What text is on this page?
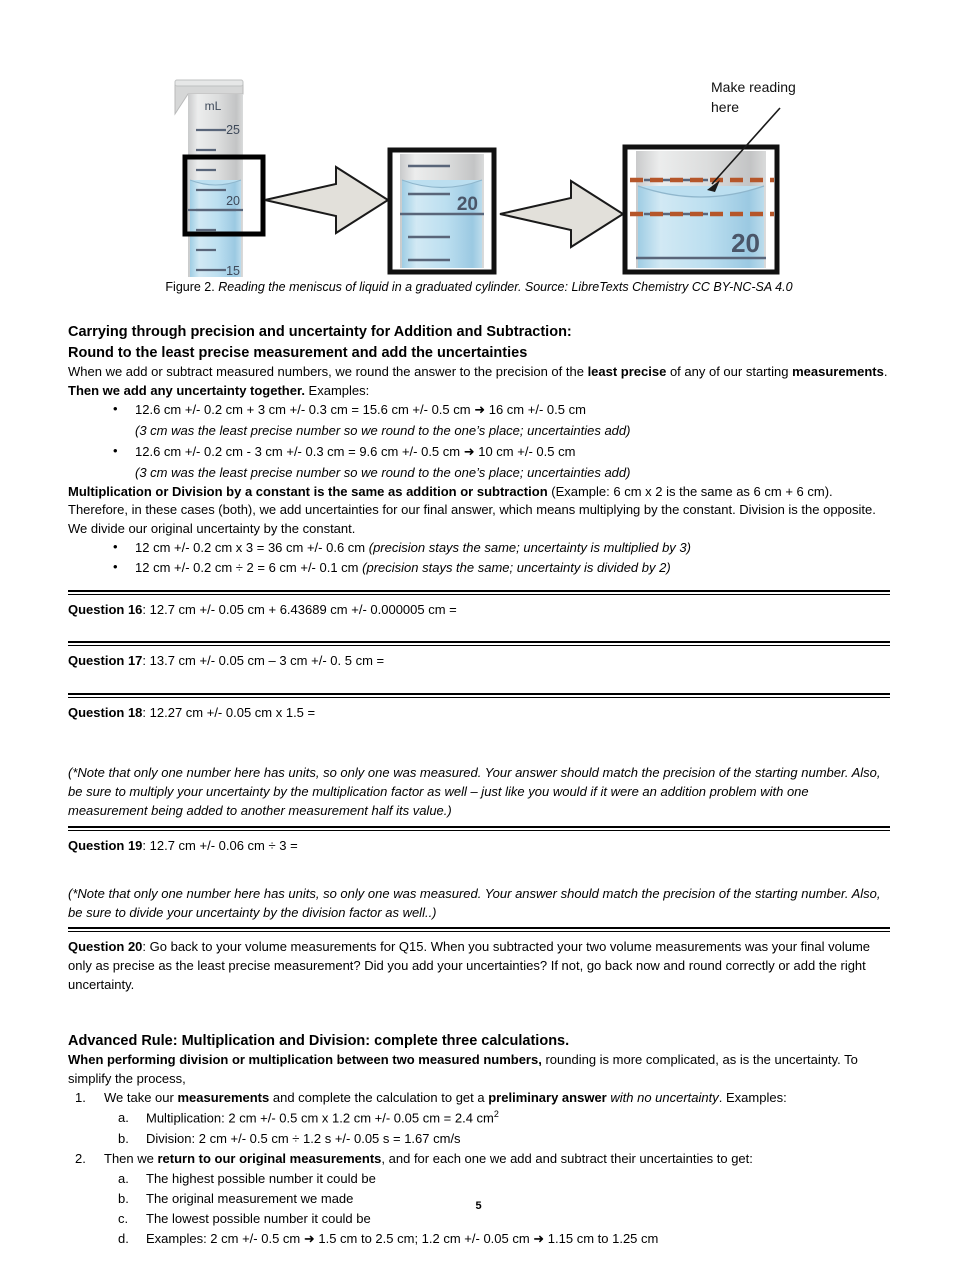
mL
25
20
15
20
20
Make reading
here
Figure 2. Reading the meniscus of liquid in a graduated cylinder. Source: LibreTexts Chemistry CC BY-NC-SA 4.0
Carrying through precision and uncertainty for Addition and Subtraction:
Round to the least precise measurement and add the uncertainties

When we add or subtract measured numbers, we round the answer to the precision of the least precise of any of our starting measurements. Then we add any uncertainty together. Examples:

• 12.6 cm +/- 0.2 cm + 3 cm +/- 0.3 cm = 15.6 cm +/- 0.5 cm ➜ 16 cm +/- 0.5 cm
(3 cm was the least precise number so we round to the one’s place; uncertainties add)
• 12.6 cm +/- 0.2 cm - 3 cm +/- 0.3 cm = 9.6 cm +/- 0.5 cm ➜ 10 cm +/- 0.5 cm
(3 cm was the least precise number so we round to the one’s place; uncertainties add)

Multiplication or Division by a constant is the same as addition or subtraction (Example: 6 cm x 2 is the same as 6 cm + 6 cm). Therefore, in these cases (both), we add uncertainties for our final answer, which means multiplying by the constant. Division is the opposite. We divide our original uncertainty by the constant.

• 12 cm +/- 0.2 cm x 3 = 36 cm +/- 0.6 cm (precision stays the same; uncertainty is multiplied by 3)
• 12 cm +/- 0.2 cm ÷ 2 = 6 cm +/- 0.1 cm (precision stays the same; uncertainty is divided by 2)
Question 16: 12.7 cm +/- 0.05 cm + 6.43689 cm +/- 0.000005 cm =
Question 17: 13.7 cm +/- 0.05 cm – 3 cm +/- 0. 5 cm =
Question 18: 12.27 cm +/- 0.05 cm x 1.5 =

(*Note that only one number here has units, so only one was measured. Your answer should match the precision of the starting number. Also, be sure to multiply your uncertainty by the multiplication factor as well – just like you would if it were an addition problem with one measurement being added to another measurement half its value.)

Question 19: 12.7 cm +/- 0.06 cm ÷ 3 =

(*Note that only one number here has units, so only one was measured. Your answer should match the precision of the starting number. Also, be sure to divide your uncertainty by the division factor as well..)

Question 20: Go back to your volume measurements for Q15. When you subtracted your two volume measurements was your final volume only as precise as the least precise measurement? Did you add your uncertainties? If not, go back now and round correctly or add the right uncertainty.
Advanced Rule: Multiplication and Division: complete three calculations.

When performing division or multiplication between two measured numbers, rounding is more complicated, as is the uncertainty. To simplify the process,

1. We take our measurements and complete the calculation to get a preliminary answer with no uncertainty. Examples:
a. Multiplication: 2 cm +/- 0.5 cm x 1.2 cm +/- 0.05 cm = 2.4 $cm^2$
b. Division: 2 cm +/- 0.5 cm ÷ 1.2 s +/- 0.05 s = 1.67 cm/s
2. Then we return to our original measurements, and for each one we add and subtract their uncertainties to get:
a. The highest possible number it could be
b. The original measurement we made
c. The lowest possible number it could be
d. Examples: 2 cm +/- 0.5 cm ➜ 1.5 cm to 2.5 cm; 1.2 cm +/- 0.05 cm ➜ 1.15 cm to 1.25 cm
5
